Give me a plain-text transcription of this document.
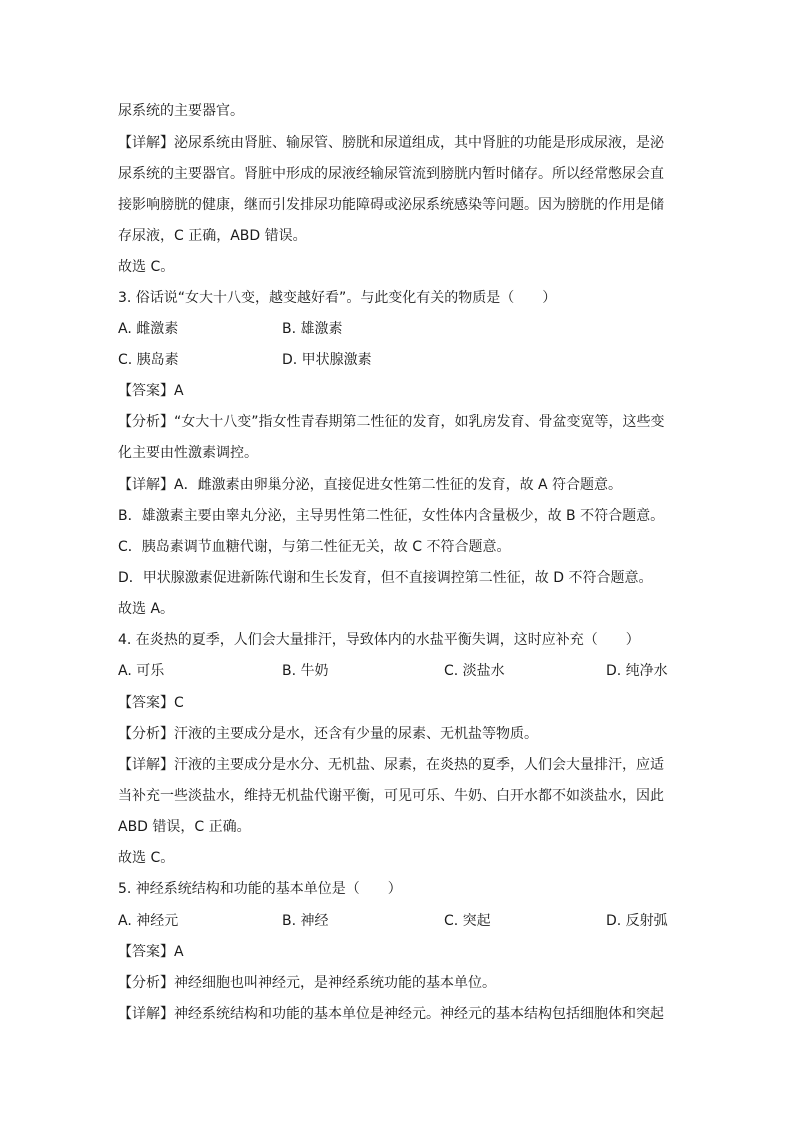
尿系统的主要器官。
【详解】泌尿系统由肾脏、输尿管、膀胱和尿道组成，其中肾脏的功能是形成尿液，是泌
尿系统的主要器官。肾脏中形成的尿液经输尿管流到膀胱内暂时储存。所以经常憋尿会直
接影响膀胱的健康，继而引发排尿功能障碍或泌尿系统感染等问题。因为膀胱的作用是储
存尿液，C 正确，ABD 错误。
故选 C。
3. 俗话说“女大十八变，越变越好看”。与此变化有关的物质是（　　）
A. 雌激素	B. 雄激素
C. 胰岛素	D. 甲状腺激素
【答案】A
【分析】“女大十八变”指女性青春期第二性征的发育，如乳房发育、骨盆变宽等，这些变
化主要由性激素调控。
【详解】A．雌激素由卵巢分泌，直接促进女性第二性征的发育，故 A 符合题意。
B．雄激素主要由睾丸分泌，主导男性第二性征，女性体内含量极少，故 B 不符合题意。
C．胰岛素调节血糖代谢，与第二性征无关，故 C 不符合题意。
D．甲状腺激素促进新陈代谢和生长发育，但不直接调控第二性征，故 D 不符合题意。
故选 A。
4. 在炎热的夏季，人们会大量排汗，导致体内的水盐平衡失调，这时应补充（　　）
A. 可乐	B. 牛奶	C. 淡盐水	D. 纯净水
【答案】C
【分析】汗液的主要成分是水，还含有少量的尿素、无机盐等物质。
【详解】汗液的主要成分是水分、无机盐、尿素，在炎热的夏季，人们会大量排汗，应适
当补充一些淡盐水，维持无机盐代谢平衡，可见可乐、牛奶、白开水都不如淡盐水，因此
ABD 错误，C 正确。
故选 C。
5. 神经系统结构和功能的基本单位是（　　）
A. 神经元	B. 神经	C. 突起	D. 反射弧
【答案】A
【分析】神经细胞也叫神经元，是神经系统功能的基本单位。
【详解】神经系统结构和功能的基本单位是神经元。神经元的基本结构包括细胞体和突起
